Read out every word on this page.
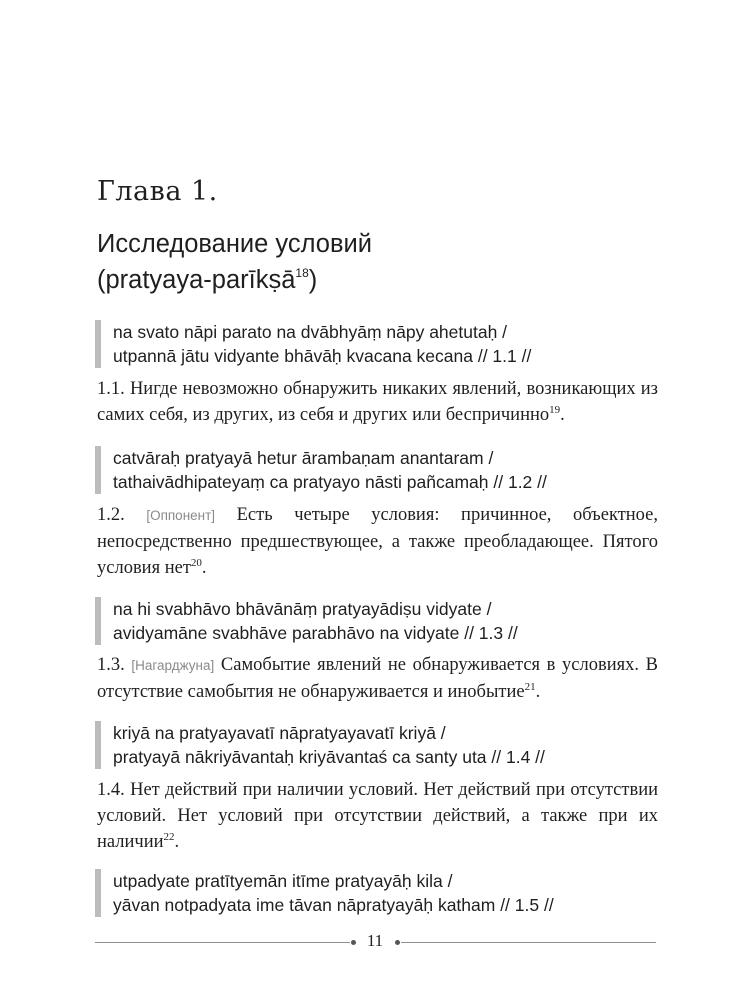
Глава 1.
Исследование условий
(pratyaya-parīkṣā$^{18}$)
na svato nāpi parato na dvābhyāṃ nāpy ahetutaḥ /
utpannā jātu vidyante bhāvāḥ kvacana kecana // 1.1 //
1.1. Нигде невозможно обнаружить никаких явлений, возникающих из самих себя, из других, из себя и других или беспричинно$^{19}$.
catvāraḥ pratyayā hetur ārambaṇam anantaram /
tathaivādhipateyaṃ ca pratyayo nāsti pañcamaḥ // 1.2 //
1.2. [Оппонент] Есть четыре условия: причинное, объектное, непосредственно предшествующее, а также преобладающее. Пятого условия нет$^{20}$.
na hi svabhāvo bhāvānāṃ pratyayādiṣu vidyate /
avidyamāne svabhāve parabhāvo na vidyate // 1.3 //
1.3. [Нагарджуна] Самобытие явлений не обнаруживается в условиях. В отсутствие самобытия не обнаруживается и инобытие$^{21}$.
kriyā na pratyayavatī nāpratyayavatī kriyā /
pratyayā nākriyāvantaḥ kriyāvantaś ca santy uta // 1.4 //
1.4. Нет действий при наличии условий. Нет действий при отсутствии условий. Нет условий при отсутствии действий, а также при их наличии$^{22}$.
utpadyate pratītyemān itīme pratyayāḥ kila /
yāvan notpadyata ime tāvan nāpratyayāḥ katham // 1.5 //
11
